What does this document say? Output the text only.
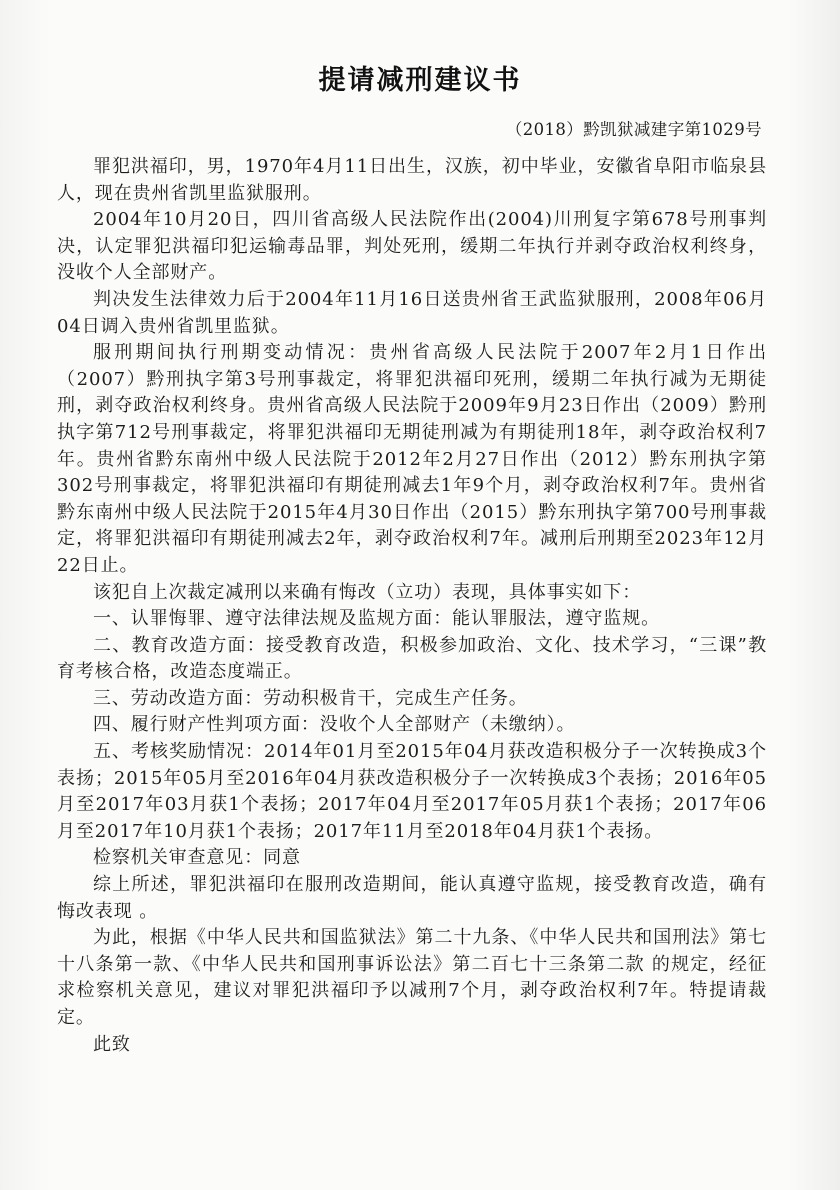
提请减刑建议书
（2018）黔凯狱减建字第1029号

罪犯洪福印，男，1970年4月11日出生，汉族，初中毕业，安徽省阜阳市临泉县人，现在贵州省凯里监狱服刑。

2004年10月20日，四川省高级人民法院作出(2004)川刑复字第678号刑事判决，认定罪犯洪福印犯运输毒品罪，判处死刑，缓期二年执行并剥夺政治权利终身，没收个人全部财产。

判决发生法律效力后于2004年11月16日送贵州省王武监狱服刑，2008年06月04日调入贵州省凯里监狱。

服刑期间执行刑期变动情况：贵州省高级人民法院于2007年2月1日作出（2007）黔刑执字第3号刑事裁定，将罪犯洪福印死刑，缓期二年执行减为无期徒刑，剥夺政治权利终身。贵州省高级人民法院于2009年9月23日作出（2009）黔刑执字第712号刑事裁定，将罪犯洪福印无期徒刑减为有期徒刑18年，剥夺政治权利7年。贵州省黔东南州中级人民法院于2012年2月27日作出（2012）黔东刑执字第302号刑事裁定，将罪犯洪福印有期徒刑减去1年9个月，剥夺政治权利7年。贵州省黔东南州中级人民法院于2015年4月30日作出（2015）黔东刑执字第700号刑事裁定，将罪犯洪福印有期徒刑减去2年，剥夺政治权利7年。减刑后刑期至2023年12月22日止。

该犯自上次裁定减刑以来确有悔改（立功）表现，具体事实如下：

一、认罪悔罪、遵守法律法规及监规方面：能认罪服法，遵守监规。

二、教育改造方面：接受教育改造，积极参加政治、文化、技术学习，“三课”教育考核合格，改造态度端正。

三、劳动改造方面：劳动积极肯干，完成生产任务。

四、履行财产性判项方面：没收个人全部财产（未缴纳）。

五、考核奖励情况：2014年01月至2015年04月获改造积极分子一次转换成3个表扬；2015年05月至2016年04月获改造积极分子一次转换成3个表扬；2016年05月至2017年03月获1个表扬；2017年04月至2017年05月获1个表扬；2017年06月至2017年10月获1个表扬；2017年11月至2018年04月获1个表扬。

检察机关审查意见：同意

综上所述，罪犯洪福印在服刑改造期间，能认真遵守监规，接受教育改造，确有悔改表现 。

为此，根据《中华人民共和国监狱法》第二十九条、《中华人民共和国刑法》第七十八条第一款、《中华人民共和国刑事诉讼法》第二百七十三条第二款 的规定，经征求检察机关意见，建议对罪犯洪福印予以减刑7个月，剥夺政治权利7年。特提请裁定。

此致
